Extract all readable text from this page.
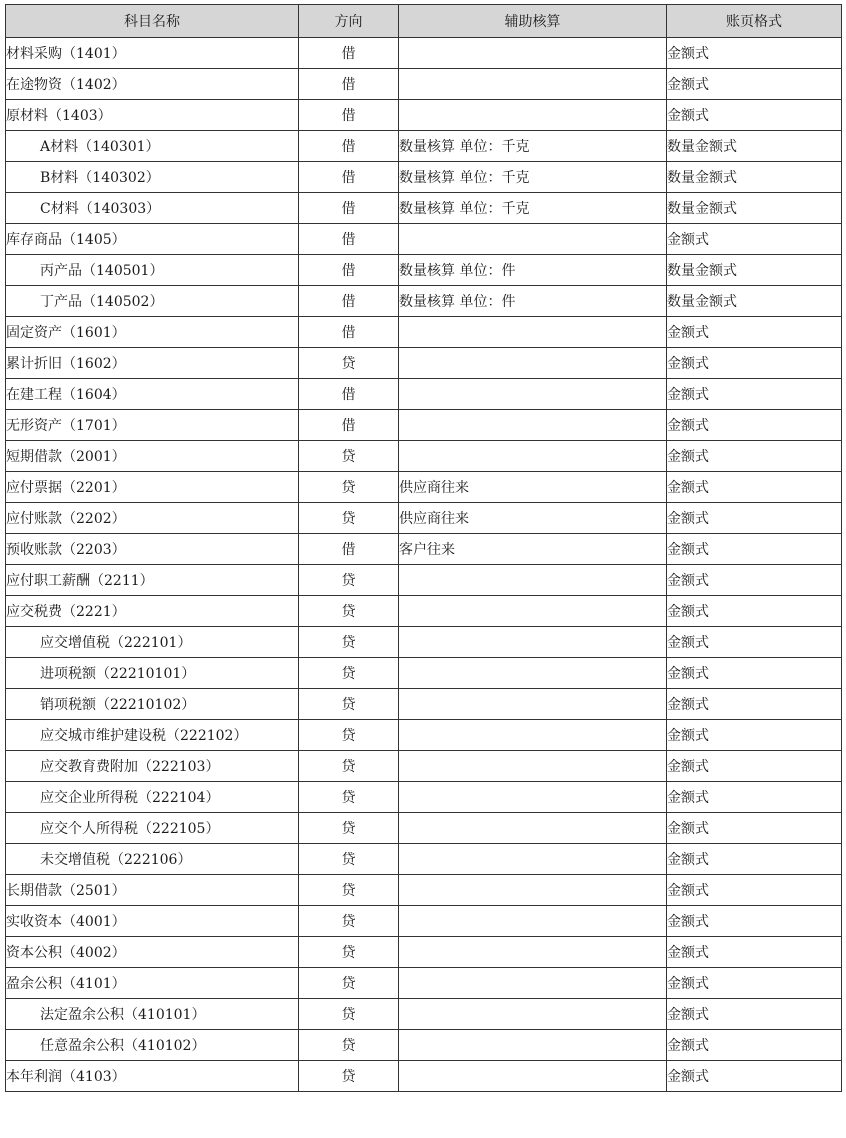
科目名称	方向	辅助核算	账页格式
材料采购（1401）	借		金额式
在途物资（1402）	借		金额式
原材料（1403）	借		金额式
A材料（140301）	借	数量核算 单位：千克	数量金额式
B材料（140302）	借	数量核算 单位：千克	数量金额式
C材料（140303）	借	数量核算 单位：千克	数量金额式
库存商品（1405）	借		金额式
丙产品（140501）	借	数量核算 单位：件	数量金额式
丁产品（140502）	借	数量核算 单位：件	数量金额式
固定资产（1601）	借		金额式
累计折旧（1602）	贷		金额式
在建工程（1604）	借		金额式
无形资产（1701）	借		金额式
短期借款（2001）	贷		金额式
应付票据（2201）	贷	供应商往来	金额式
应付账款（2202）	贷	供应商往来	金额式
预收账款（2203）	借	客户往来	金额式
应付职工薪酬（2211）	贷		金额式
应交税费（2221）	贷		金额式
应交增值税（222101）	贷		金额式
进项税额（22210101）	贷		金额式
销项税额（22210102）	贷		金额式
应交城市维护建设税（222102）	贷		金额式
应交教育费附加（222103）	贷		金额式
应交企业所得税（222104）	贷		金额式
应交个人所得税（222105）	贷		金额式
未交增值税（222106）	贷		金额式
长期借款（2501）	贷		金额式
实收资本（4001）	贷		金额式
资本公积（4002）	贷		金额式
盈余公积（4101）	贷		金额式
法定盈余公积（410101）	贷		金额式
任意盈余公积（410102）	贷		金额式
本年利润（4103）	贷		金额式
